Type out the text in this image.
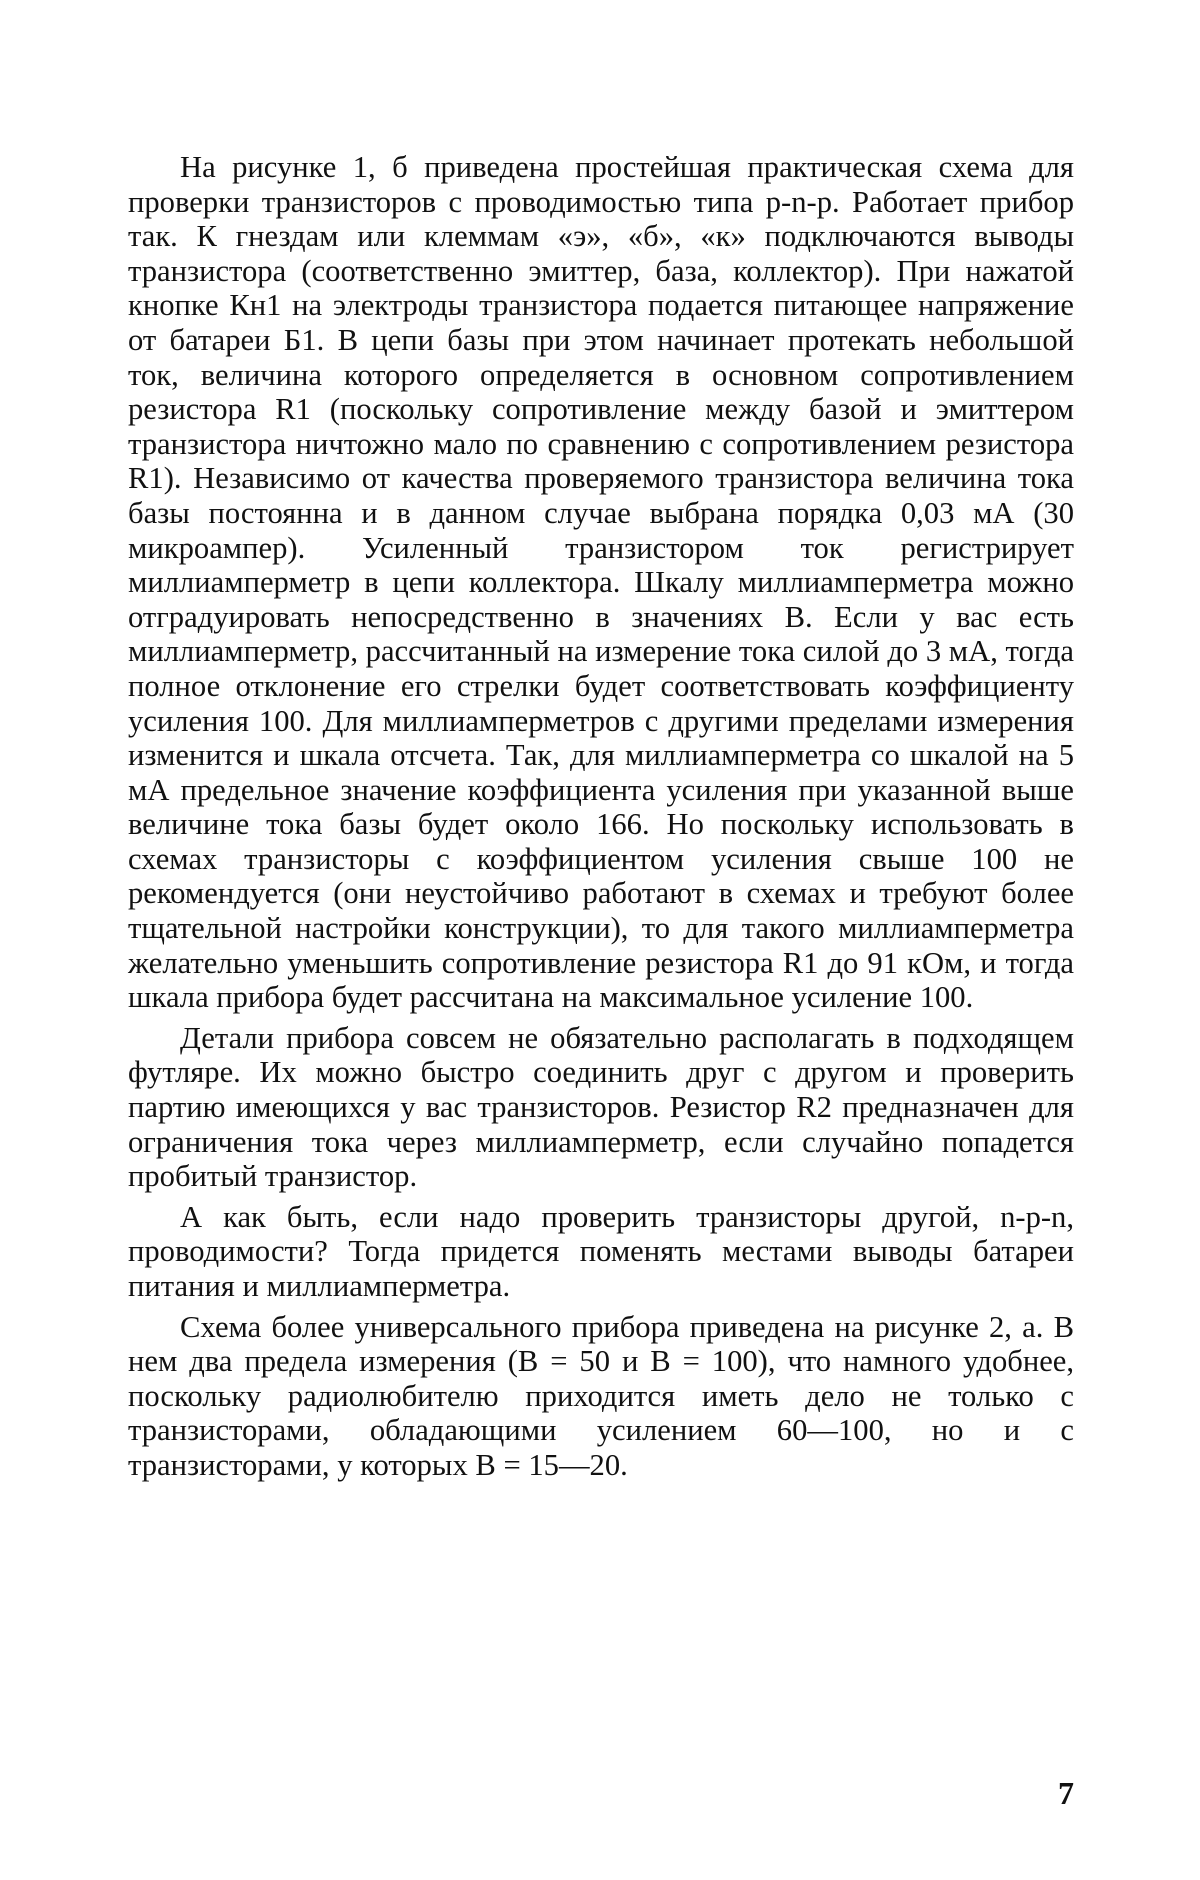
На рисунке 1, б приведена простейшая практическая схема для проверки транзисторов с проводимостью типа p-n-p. Работает прибор так. К гнездам или клеммам «э», «б», «к» подключаются выводы транзистора (соответственно эмиттер, база, коллектор). При нажатой кнопке Кн1 на электроды транзистора подается питающее напряжение от батареи Б1. В цепи базы при этом начинает протекать небольшой ток, величина которого определяется в основном сопротивлением резистора R1 (поскольку сопротивление между базой и эмиттером транзистора ничтожно мало по сравнению с сопротивлением резистора R1). Независимо от качества проверяемого транзистора величина тока базы постоянна и в данном случае выбрана порядка 0,03 мА (30 микроампер). Усиленный транзистором ток регистрирует миллиамперметр в цепи коллектора. Шкалу миллиамперметра можно отградуировать непосредственно в значениях В. Если у вас есть миллиамперметр, рассчитанный на измерение тока силой до 3 мА, тогда полное отклонение его стрелки будет соответствовать коэффициенту усиления 100. Для миллиамперметров с другими пределами измерения изменится и шкала отсчета. Так, для миллиамперметра со шкалой на 5 мА предельное значение коэффициента усиления при указанной выше величине тока базы будет около 166. Но поскольку использовать в схемах транзисторы с коэффициентом усиления свыше 100 не рекомендуется (они неустойчиво работают в схемах и требуют более тщательной настройки конструкции), то для такого миллиамперметра желательно уменьшить сопротивление резистора R1 до 91 кОм, и тогда шкала прибора будет рассчитана на максимальное усиление 100.

Детали прибора совсем не обязательно располагать в подходящем футляре. Их можно быстро соединить друг с другом и проверить партию имеющихся у вас транзисторов. Резистор R2 предназначен для ограничения тока через миллиамперметр, если случайно попадется пробитый транзистор.

А как быть, если надо проверить транзисторы другой, n-p-n, проводимости? Тогда придется поменять местами выводы батареи питания и миллиамперметра.

Схема более универсального прибора приведена на рисунке 2, а. В нем два предела измерения (В = 50 и В = 100), что намного удобнее, поскольку радиолюбителю приходится иметь дело не только с транзисторами, обладающими усилением 60—100, но и с транзисторами, у которых В = 15—20.

7
